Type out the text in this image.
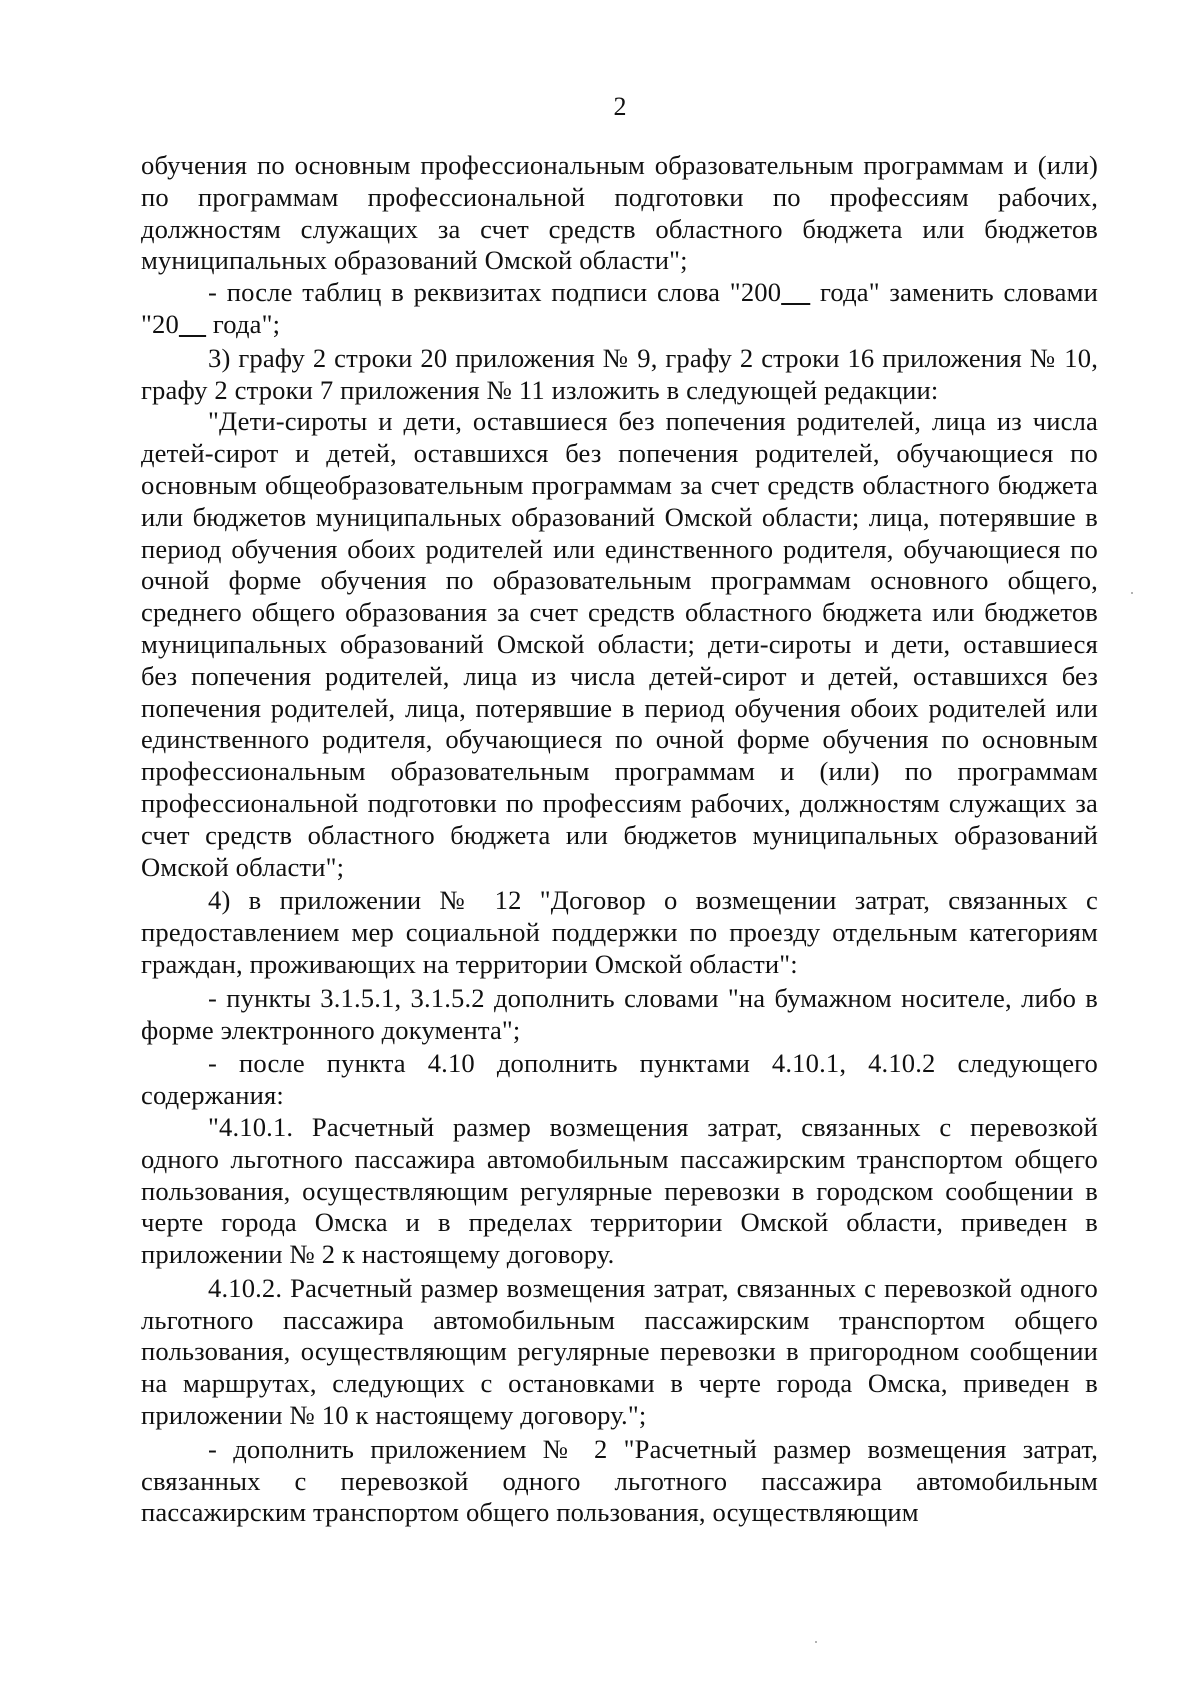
2

обучения по основным профессиональным образовательным программам и (или) по программам профессиональной подготовки по профессиям рабочих, должностям служащих за счет средств областного бюджета или бюджетов муниципальных образований Омской области";

- после таблиц в реквизитах подписи слова "200    года" заменить словами "20     года";

3) графу 2 строки 20 приложения № 9, графу 2 строки 16 приложения № 10, графу 2 строки 7 приложения № 11 изложить в следующей редакции:

"Дети-сироты и дети, оставшиеся без попечения родителей, лица из числа детей-сирот и детей, оставшихся без попечения родителей, обучающиеся по основным общеобразовательным программам за счет средств областного бюджета или бюджетов муниципальных образований Омской области; лица, потерявшие в период обучения обоих родителей или единственного родителя, обучающиеся по очной форме обучения по образовательным программам основного общего, среднего общего образования за счет средств областного бюджета или бюджетов муниципальных образований Омской области; дети-сироты и дети, оставшиеся без попечения родителей, лица из числа детей-сирот и детей, оставшихся без попечения родителей, лица, потерявшие в период обучения обоих родителей или единственного родителя, обучающиеся по очной форме обучения по основным профессиональным образовательным программам и (или) по программам профессиональной подготовки по профессиям рабочих, должностям служащих за счет средств областного бюджета или бюджетов муниципальных образований Омской области";

4) в приложении № 12 "Договор о возмещении затрат, связанных с предоставлением мер социальной поддержки по проезду отдельным категориям граждан, проживающих на территории Омской области":

- пункты 3.1.5.1, 3.1.5.2 дополнить словами "на бумажном носителе, либо в форме электронного документа";

- после пункта 4.10 дополнить пунктами 4.10.1, 4.10.2 следующего содержания:

"4.10.1. Расчетный размер возмещения затрат, связанных с перевозкой одного льготного пассажира автомобильным пассажирским транспортом общего пользования, осуществляющим регулярные перевозки в городском сообщении в черте города Омска и в пределах территории Омской области, приведен в приложении № 2 к настоящему договору.

4.10.2. Расчетный размер возмещения затрат, связанных с перевозкой одного льготного пассажира автомобильным пассажирским транспортом общего пользования, осуществляющим регулярные перевозки в пригородном сообщении на маршрутах, следующих с остановками в черте города Омска, приведен в приложении № 10 к настоящему договору.";

- дополнить приложением № 2 "Расчетный размер возмещения затрат, связанных с перевозкой одного льготного пассажира автомобильным пассажирским транспортом общего пользования, осуществляющим
